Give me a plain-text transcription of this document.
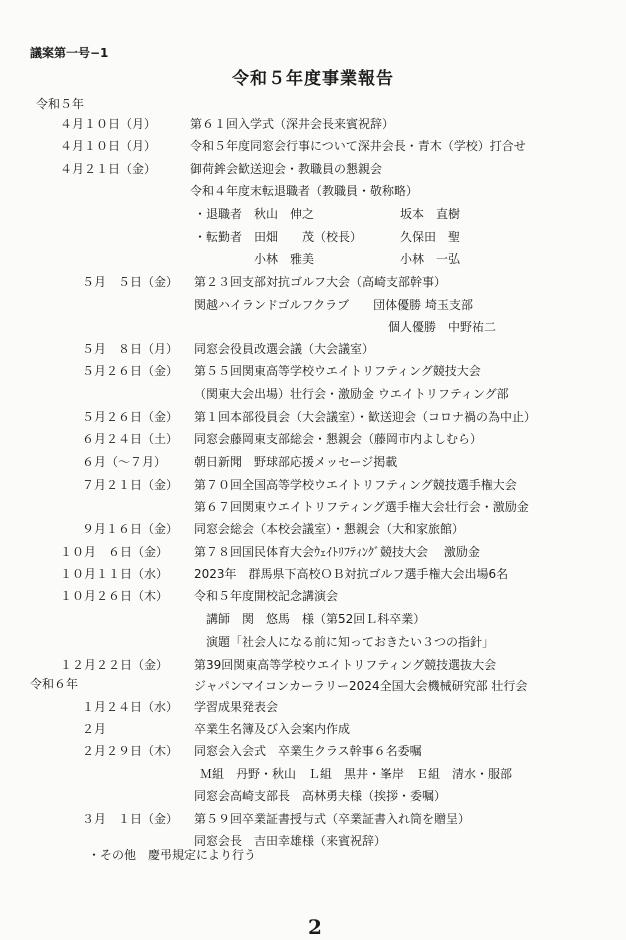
議案第一号−1
令和５年度事業報告
令和５年
４月１０日（月）	第６１回入学式（深井会長来賓祝辞）
４月１０日（月）	令和５年度同窓会行事について深井会長・青木（学校）打合せ
４月２１日（金）	御荷鉾会歓送迎会・教職員の懇親会
令和４年度末転退職者（教職員・敬称略）
・退職者　秋山　伸之	坂本　直樹
・転勤者　田畑　　茂（校長）	久保田　聖
　　　　　小林　雅美	小林　一弘
５月　５日（金） 第２３回支部対抗ゴルフ大会（高崎支部幹事）
関越ハイランドゴルフクラブ　　団体優勝 埼玉支部
個人優勝　中野祐二
５月　８日（月） 同窓会役員改選会議（大会議室）
５月２６日（金） 第５５回関東高等学校ウエイトリフティング競技大会
（関東大会出場）壮行会・激励金 ウエイトリフティング部
５月２６日（金） 第１回本部役員会（大会議室）・歓送迎会（コロナ禍の為中止）
６月２４日（土） 同窓会藤岡東支部総会・懇親会（藤岡市内よしむら）
６月（〜７月） 朝日新聞　野球部応援メッセージ掲載
７月２１日（金） 第７０回全国高等学校ウエイトリフティング競技選手権大会
第６７回関東ウエイトリフティング選手権大会壮行会・激励金
９月１６日（金） 同窓会総会（本校会議室）・懇親会（大和家旅館）
１０月　６日（金） 第７８回国民体育大会ｳｪｲﾄﾘﾌﾃｨﾝｸﾞ競技大会　 激励金
１０月１１日（水） 2023年　群馬県下高校ＯＢ対抗ゴルフ選手権大会出場6名
１０月２６日（木） 令和５年度開校記念講演会
講師　関　悠馬　様（第52回Ｌ科卒業）
演題「社会人になる前に知っておきたい３つの指針」
１２月２２日（金） 第39回関東高等学校ウエイトリフティング競技選抜大会
ジャパンマイコンカーラリー2024全国大会機械研究部 壮行会
令和６年
１月２４日（水） 学習成果発表会
２月	卒業生名簿及び入会案内作成
２月２９日（木） 同窓会入会式　卒業生クラス幹事６名委嘱
Ｍ組　丹野・秋山　Ｌ組　黒井・峯岸　Ｅ組　清水・服部
同窓会高崎支部長　高林勇夫様（挨拶・委嘱）
３月　１日（金） 第５９回卒業証書授与式（卒業証書入れ筒を贈呈）
同窓会長　吉田幸雄様（来賓祝辞）
・その他　慶弔規定により行う
2
